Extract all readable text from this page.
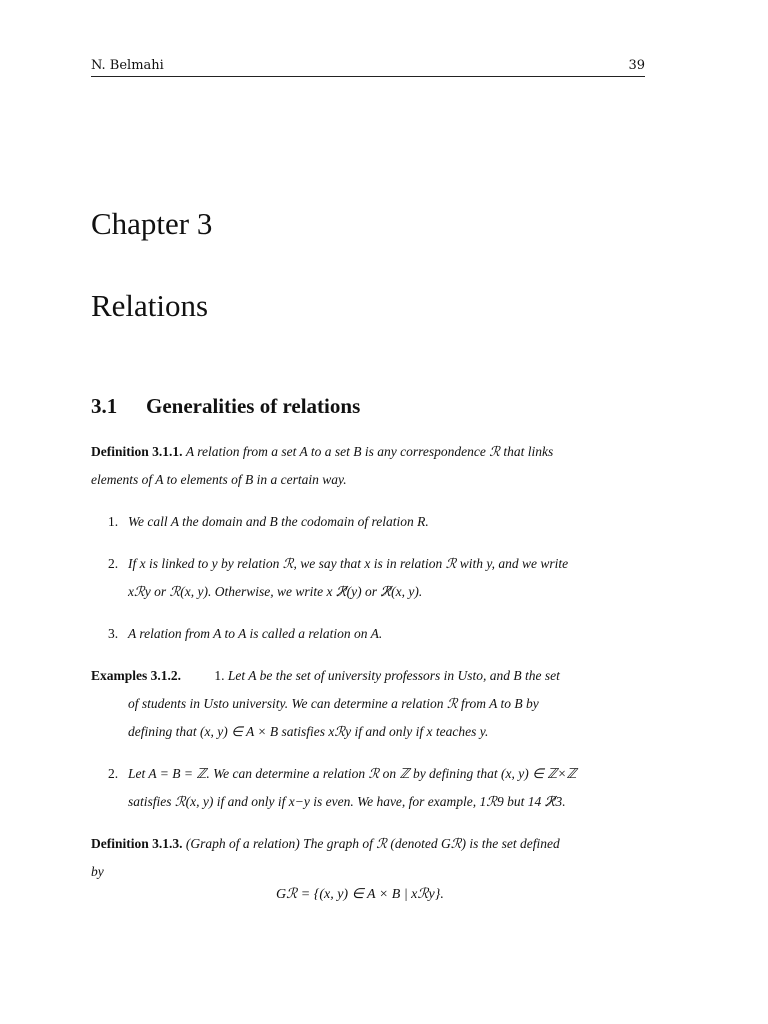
N. Belmahi	39
Chapter 3
Relations
3.1 Generalities of relations
Definition 3.1.1. A relation from a set A to a set B is any correspondence ℛ that links
elements of A to elements of B in a certain way.
1. We call A the domain and B the codomain of relation R.
2. If x is linked to y by relation ℛ, we say that x is in relation ℛ with y, and we write
xℛy or ℛ(x, y). Otherwise, we write x ℛ̸(y) or ℛ̸(x, y).
3. A relation from A to A is called a relation on A.
Examples 3.1.2. 1. Let A be the set of university professors in Usto, and B the set
of students in Usto university. We can determine a relation ℛ from A to B by
defining that (x, y) ∈ A × B satisfies xℛy if and only if x teaches y.
2. Let A = B = ℤ. We can determine a relation ℛ on ℤ by defining that (x, y) ∈ ℤ×ℤ
satisfies ℛ(x, y) if and only if x−y is even. We have, for example, 1ℛ9 but 14 ℛ̸3.
Definition 3.1.3. (Graph of a relation) The graph of ℛ (denoted Gℛ) is the set defined
by
Gℛ = {(x, y) ∈ A × B | xℛy}.
